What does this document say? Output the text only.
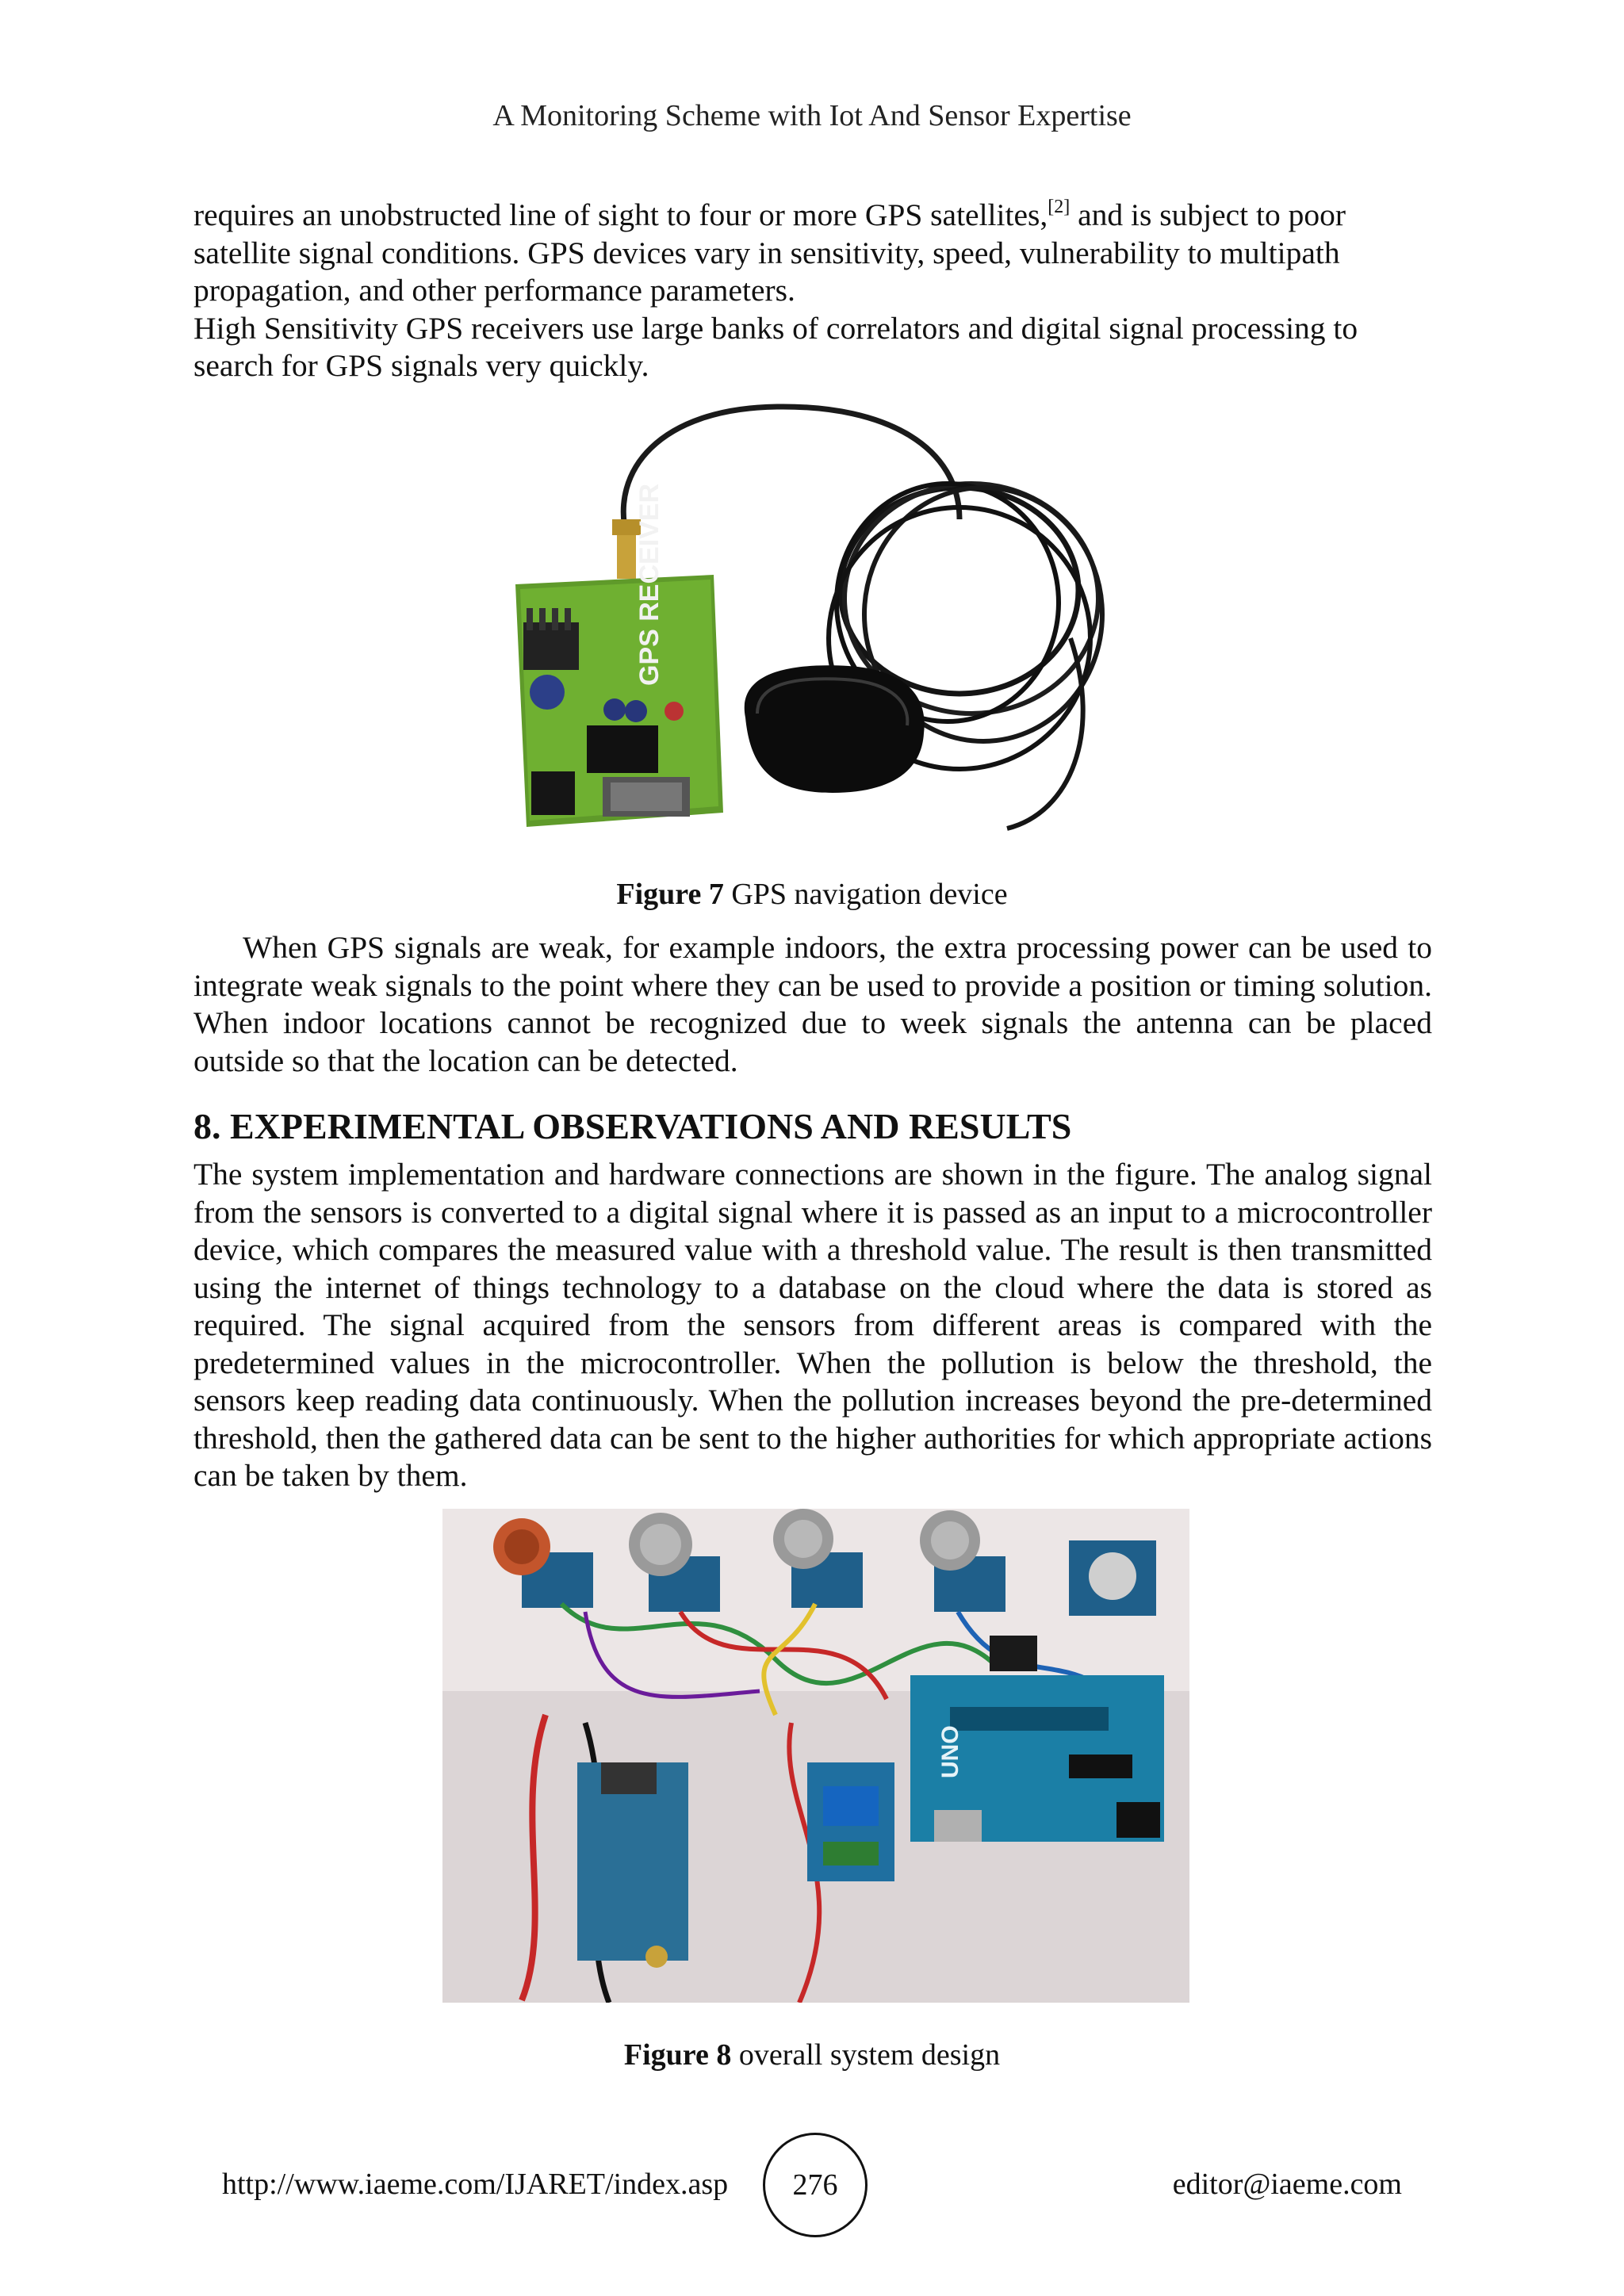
A Monitoring Scheme with Iot And Sensor Expertise
requires an unobstructed line of sight to four or more GPS satellites,[2] and is subject to poor
satellite signal conditions. GPS devices vary in sensitivity, speed, vulnerability to multipath
propagation, and other performance parameters.
High Sensitivity GPS receivers use large banks of correlators and digital signal processing to
search for GPS signals very quickly.
GPS RECEIVER
Figure 7 GPS navigation device
When GPS signals are weak, for example indoors, the extra processing power can be used to integrate weak signals to the point where they can be used to provide a position or timing solution. When indoor locations cannot be recognized due to week signals the antenna can be placed outside so that the location can be detected.
8. EXPERIMENTAL OBSERVATIONS AND RESULTS
The system implementation and hardware connections are shown in the figure. The analog signal from the sensors is converted to a digital signal where it is passed as an input to a microcontroller device, which compares the measured value with a threshold value. The result is then transmitted using the internet of things technology to a database on the cloud where the data is stored as required. The signal acquired from the sensors from different areas is compared with the predetermined values in the microcontroller. When the pollution is below the threshold, the sensors keep reading data continuously. When the pollution increases beyond the pre-determined threshold, then the gathered data can be sent to the higher authorities for which appropriate actions can be taken by them.
UNO
Figure 8 overall system design
http://www.iaeme.com/IJARET/index.asp 276	editor@iaeme.com
